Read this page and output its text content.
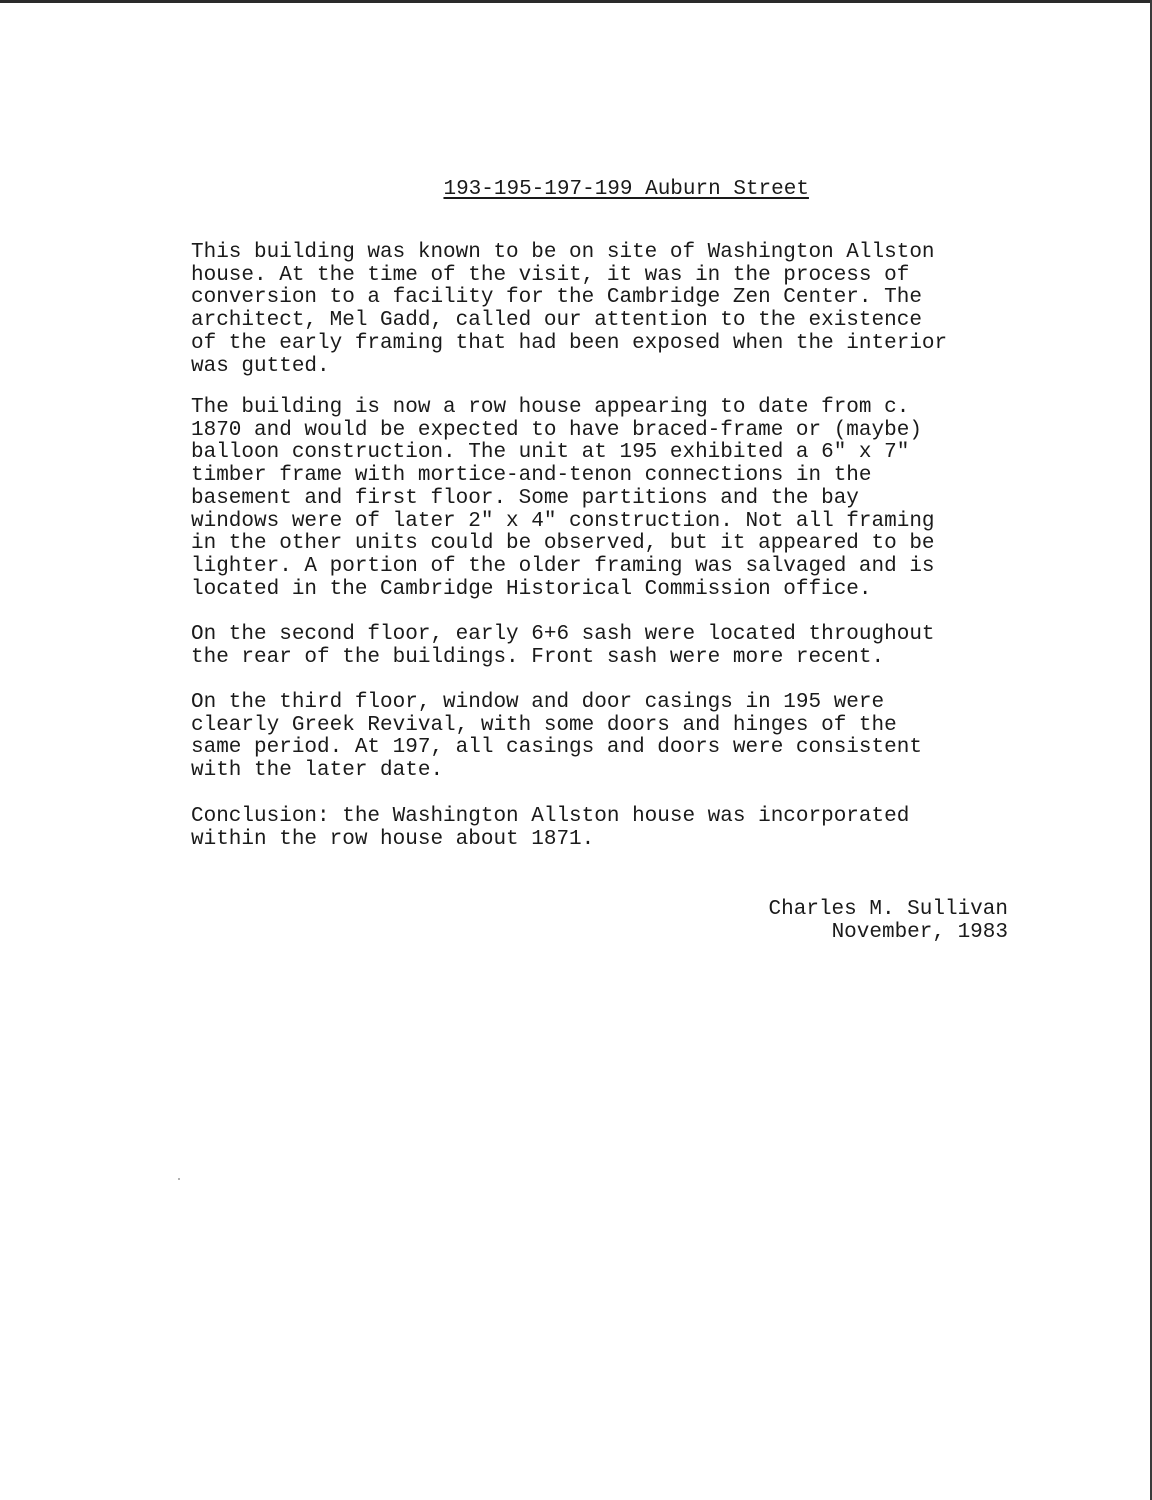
193-195-197-199 Auburn Street

This building was known to be on site of Washington Allston
house. At the time of the visit, it was in the process of
conversion to a facility for the Cambridge Zen Center. The
architect, Mel Gadd, called our attention to the existence
of the early framing that had been exposed when the interior
was gutted.

The building is now a row house appearing to date from c.
1870 and would be expected to have braced-frame or (maybe)
balloon construction. The unit at 195 exhibited a 6" x 7"
timber frame with mortice-and-tenon connections in the
basement and first floor. Some partitions and the bay
windows were of later 2" x 4" construction. Not all framing
in the other units could be observed, but it appeared to be
lighter. A portion of the older framing was salvaged and is
located in the Cambridge Historical Commission office.

On the second floor, early 6+6 sash were located throughout
the rear of the buildings. Front sash were more recent.

On the third floor, window and door casings in 195 were
clearly Greek Revival, with some doors and hinges of the
same period. At 197, all casings and doors were consistent
with the later date.

Conclusion: the Washington Allston house was incorporated
within the row house about 1871.

Charles M. Sullivan
November, 1983
